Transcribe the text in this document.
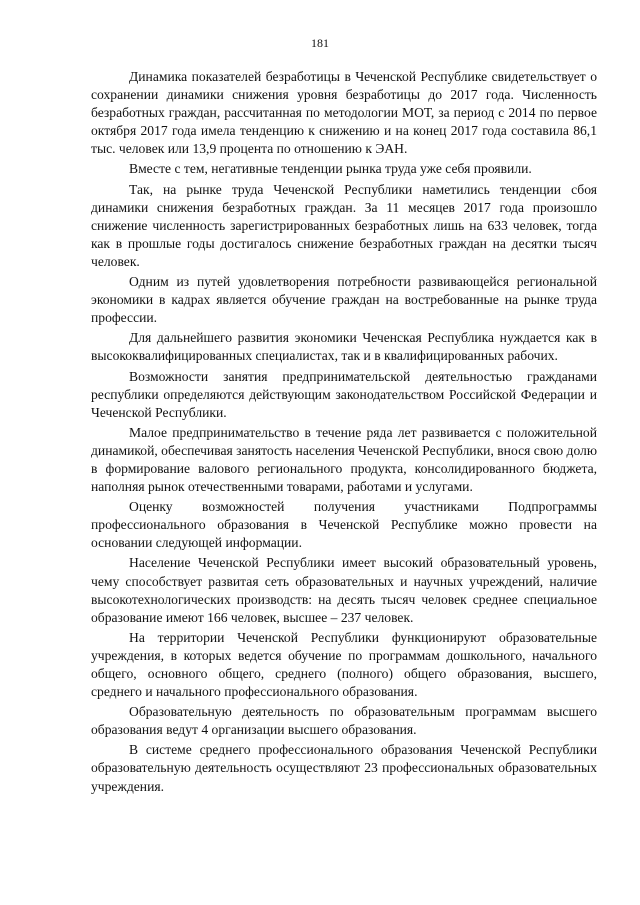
181

Динамика показателей безработицы в Чеченской Республике свидетельствует о сохранении динамики снижения уровня безработицы до 2017 года. Численность безработных граждан, рассчитанная по методологии МОТ, за период с 2014 по первое октября 2017 года имела тенденцию к снижению и на конец 2017 года составила 86,1 тыс. человек или 13,9 процента по отношению к ЭАН.

Вместе с тем, негативные тенденции рынка труда уже себя проявили.

Так, на рынке труда Чеченской Республики наметились тенденции сбоя динамики снижения безработных граждан. За 11 месяцев 2017 года произошло снижение численность зарегистрированных безработных лишь на 633 человек, тогда как в прошлые годы достигалось снижение безработных граждан на десятки тысяч человек.

Одним из путей удовлетворения потребности развивающейся региональной экономики в кадрах является обучение граждан на востребованные на рынке труда профессии.

Для дальнейшего развития экономики Чеченская Республика нуждается как в высококвалифицированных специалистах, так и в квалифицированных рабочих.

Возможности занятия предпринимательской деятельностью гражданами республики определяются действующим законодательством Российской Федерации и Чеченской Республики.

Малое предпринимательство в течение ряда лет развивается с положительной динамикой, обеспечивая занятость населения Чеченской Республики, внося свою долю в формирование валового регионального продукта, консолидированного бюджета, наполняя рынок отечественными товарами, работами и услугами.

Оценку возможностей получения участниками Подпрограммы профессионального образования в Чеченской Республике можно провести на основании следующей информации.

Население Чеченской Республики имеет высокий образовательный уровень, чему способствует развитая сеть образовательных и научных учреждений, наличие высокотехнологических производств: на десять тысяч человек среднее специальное образование имеют 166 человек, высшее – 237 человек.

На территории Чеченской Республики функционируют образовательные учреждения, в которых ведется обучение по программам дошкольного, начального общего, основного общего, среднего (полного) общего образования, высшего, среднего и начального профессионального образования.

Образовательную деятельность по образовательным программам высшего образования ведут 4 организации высшего образования.

В системе среднего профессионального образования Чеченской Республики образовательную деятельность осуществляют 23 профессиональных образовательных учреждения.
